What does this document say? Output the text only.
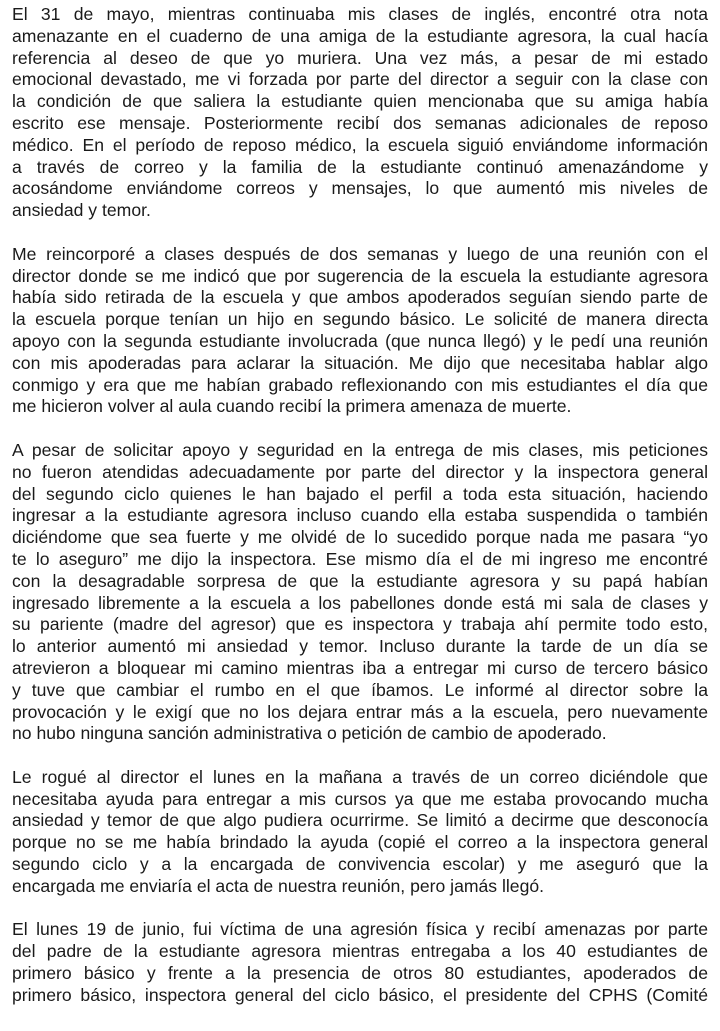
El 31 de mayo, mientras continuaba mis clases de inglés, encontré otra nota
amenazante en el cuaderno de una amiga de la estudiante agresora, la cual hacía
referencia al deseo de que yo muriera. Una vez más, a pesar de mi estado
emocional devastado, me vi forzada por parte del director a seguir con la clase con
la condición de que saliera la estudiante quien mencionaba que su amiga había
escrito ese mensaje. Posteriormente recibí dos semanas adicionales de reposo
médico. En el período de reposo médico, la escuela siguió enviándome información
a través de correo y la familia de la estudiante continuó amenazándome y
acosándome enviándome correos y mensajes, lo que aumentó mis niveles de
ansiedad y temor.
Me reincorporé a clases después de dos semanas y luego de una reunión con el
director donde se me indicó que por sugerencia de la escuela la estudiante agresora
había sido retirada de la escuela y que ambos apoderados seguían siendo parte de
la escuela porque tenían un hijo en segundo básico. Le solicité de manera directa
apoyo con la segunda estudiante involucrada (que nunca llegó) y le pedí una reunión
con mis apoderadas para aclarar la situación. Me dijo que necesitaba hablar algo
conmigo y era que me habían grabado reflexionando con mis estudiantes el día que
me hicieron volver al aula cuando recibí la primera amenaza de muerte.
A pesar de solicitar apoyo y seguridad en la entrega de mis clases, mis peticiones
no fueron atendidas adecuadamente por parte del director y la inspectora general
del segundo ciclo quienes le han bajado el perfil a toda esta situación, haciendo
ingresar a la estudiante agresora incluso cuando ella estaba suspendida o también
diciéndome que sea fuerte y me olvidé de lo sucedido porque nada me pasara “yo
te lo aseguro” me dijo la inspectora. Ese mismo día el de mi ingreso me encontré
con la desagradable sorpresa de que la estudiante agresora y su papá habían
ingresado libremente a la escuela a los pabellones donde está mi sala de clases y
su pariente (madre del agresor) que es inspectora y trabaja ahí permite todo esto,
lo anterior aumentó mi ansiedad y temor. Incluso durante la tarde de un día se
atrevieron a bloquear mi camino mientras iba a entregar mi curso de tercero básico
y tuve que cambiar el rumbo en el que íbamos. Le informé al director sobre la
provocación y le exigí que no los dejara entrar más a la escuela, pero nuevamente
no hubo ninguna sanción administrativa o petición de cambio de apoderado.
Le rogué al director el lunes en la mañana a través de un correo diciéndole que
necesitaba ayuda para entregar a mis cursos ya que me estaba provocando mucha
ansiedad y temor de que algo pudiera ocurrirme. Se limitó a decirme que desconocía
porque no se me había brindado la ayuda (copié el correo a la inspectora general
segundo ciclo y a la encargada de convivencia escolar) y me aseguró que la
encargada me enviaría el acta de nuestra reunión, pero jamás llegó.
El lunes 19 de junio, fui víctima de una agresión física y recibí amenazas por parte
del padre de la estudiante agresora mientras entregaba a los 40 estudiantes de
primero básico y frente a la presencia de otros 80 estudiantes, apoderados de
primero básico, inspectora general del ciclo básico, el presidente del CPHS (Comité
